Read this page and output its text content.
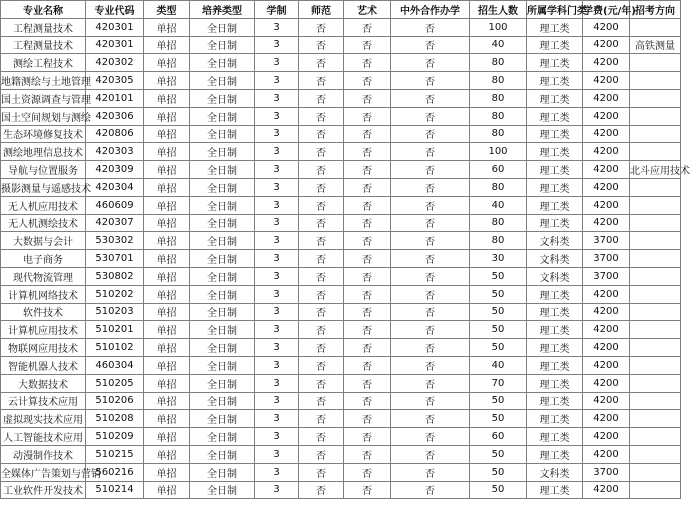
专业名称	专业代码	类型	培养类型	学制	师范	艺术	中外合作办学	招生人数	所属学科门类	学费(元/年)	招考方向
工程测量技术	420301	单招	全日制	3	否	否	否	100	理工类	4200	
工程测量技术	420301	单招	全日制	3	否	否	否	40	理工类	4200	高铁测量
测绘工程技术	420302	单招	全日制	3	否	否	否	80	理工类	4200	
地籍测绘与土地管理	420305	单招	全日制	3	否	否	否	80	理工类	4200	
国土资源调查与管理	420101	单招	全日制	3	否	否	否	80	理工类	4200	
国土空间规划与测绘	420306	单招	全日制	3	否	否	否	80	理工类	4200	
生态环境修复技术	420806	单招	全日制	3	否	否	否	80	理工类	4200	
测绘地理信息技术	420303	单招	全日制	3	否	否	否	100	理工类	4200	
导航与位置服务	420309	单招	全日制	3	否	否	否	60	理工类	4200	北斗应用技术
摄影测量与遥感技术	420304	单招	全日制	3	否	否	否	80	理工类	4200	
无人机应用技术	460609	单招	全日制	3	否	否	否	40	理工类	4200	
无人机测绘技术	420307	单招	全日制	3	否	否	否	80	理工类	4200	
大数据与会计	530302	单招	全日制	3	否	否	否	80	文科类	3700	
电子商务	530701	单招	全日制	3	否	否	否	30	文科类	3700	
现代物流管理	530802	单招	全日制	3	否	否	否	50	文科类	3700	
计算机网络技术	510202	单招	全日制	3	否	否	否	50	理工类	4200	
软件技术	510203	单招	全日制	3	否	否	否	50	理工类	4200	
计算机应用技术	510201	单招	全日制	3	否	否	否	50	理工类	4200	
物联网应用技术	510102	单招	全日制	3	否	否	否	50	理工类	4200	
智能机器人技术	460304	单招	全日制	3	否	否	否	40	理工类	4200	
大数据技术	510205	单招	全日制	3	否	否	否	70	理工类	4200	
云计算技术应用	510206	单招	全日制	3	否	否	否	50	理工类	4200	
虚拟现实技术应用	510208	单招	全日制	3	否	否	否	50	理工类	4200	
人工智能技术应用	510209	单招	全日制	3	否	否	否	60	理工类	4200	
动漫制作技术	510215	单招	全日制	3	否	否	否	50	理工类	4200	
全媒体广告策划与营销	560216	单招	全日制	3	否	否	否	50	文科类	3700	
工业软件开发技术	510214	单招	全日制	3	否	否	否	50	理工类	4200	
